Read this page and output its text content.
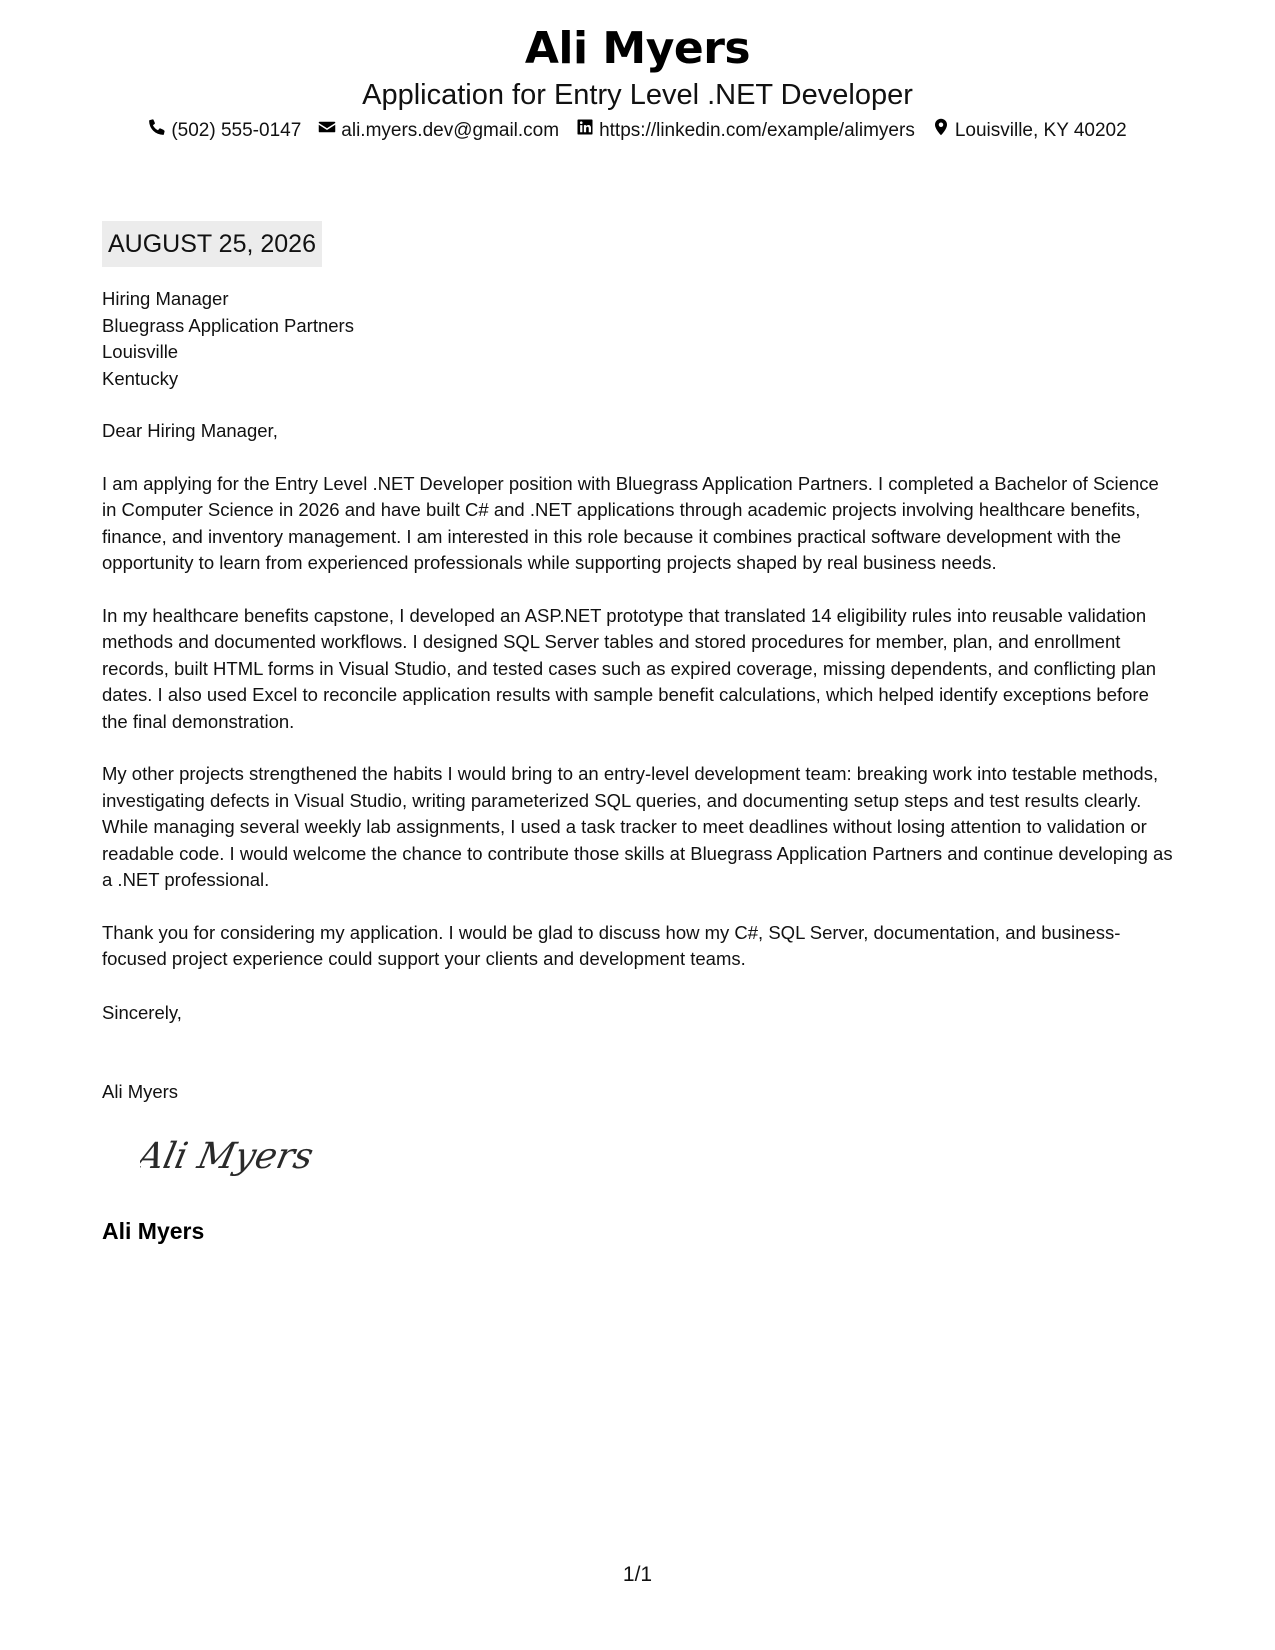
Ali Myers
Application for Entry Level .NET Developer
(502) 555-0147 ali.myers.dev@gmail.com https://linkedin.com/example/alimyers Louisville, KY 40202
AUGUST 25, 2026
Hiring Manager
Bluegrass Application Partners
Louisville
Kentucky

Dear Hiring Manager,

I am applying for the Entry Level .NET Developer position with Bluegrass Application Partners. I completed a Bachelor of Science in Computer Science in 2026 and have built C# and .NET applications through academic projects involving healthcare benefits, finance, and inventory management. I am interested in this role because it combines practical software development with the opportunity to learn from experienced professionals while supporting projects shaped by real business needs.

In my healthcare benefits capstone, I developed an ASP.NET prototype that translated 14 eligibility rules into reusable validation methods and documented workflows. I designed SQL Server tables and stored procedures for member, plan, and enrollment records, built HTML forms in Visual Studio, and tested cases such as expired coverage, missing dependents, and conflicting plan dates. I also used Excel to reconcile application results with sample benefit calculations, which helped identify exceptions before the final demonstration.

My other projects strengthened the habits I would bring to an entry-level development team: breaking work into testable methods, investigating defects in Visual Studio, writing parameterized SQL queries, and documenting setup steps and test results clearly. While managing several weekly lab assignments, I used a task tracker to meet deadlines without losing attention to validation or readable code. I would welcome the chance to contribute those skills at Bluegrass Application Partners and continue developing as a .NET professional.

Thank you for considering my application. I would be glad to discuss how my C#, SQL Server, documentation, and business-focused project experience could support your clients and development teams.

Sincerely,
Ali Myers
Ali Myers
Ali Myers
1/1
